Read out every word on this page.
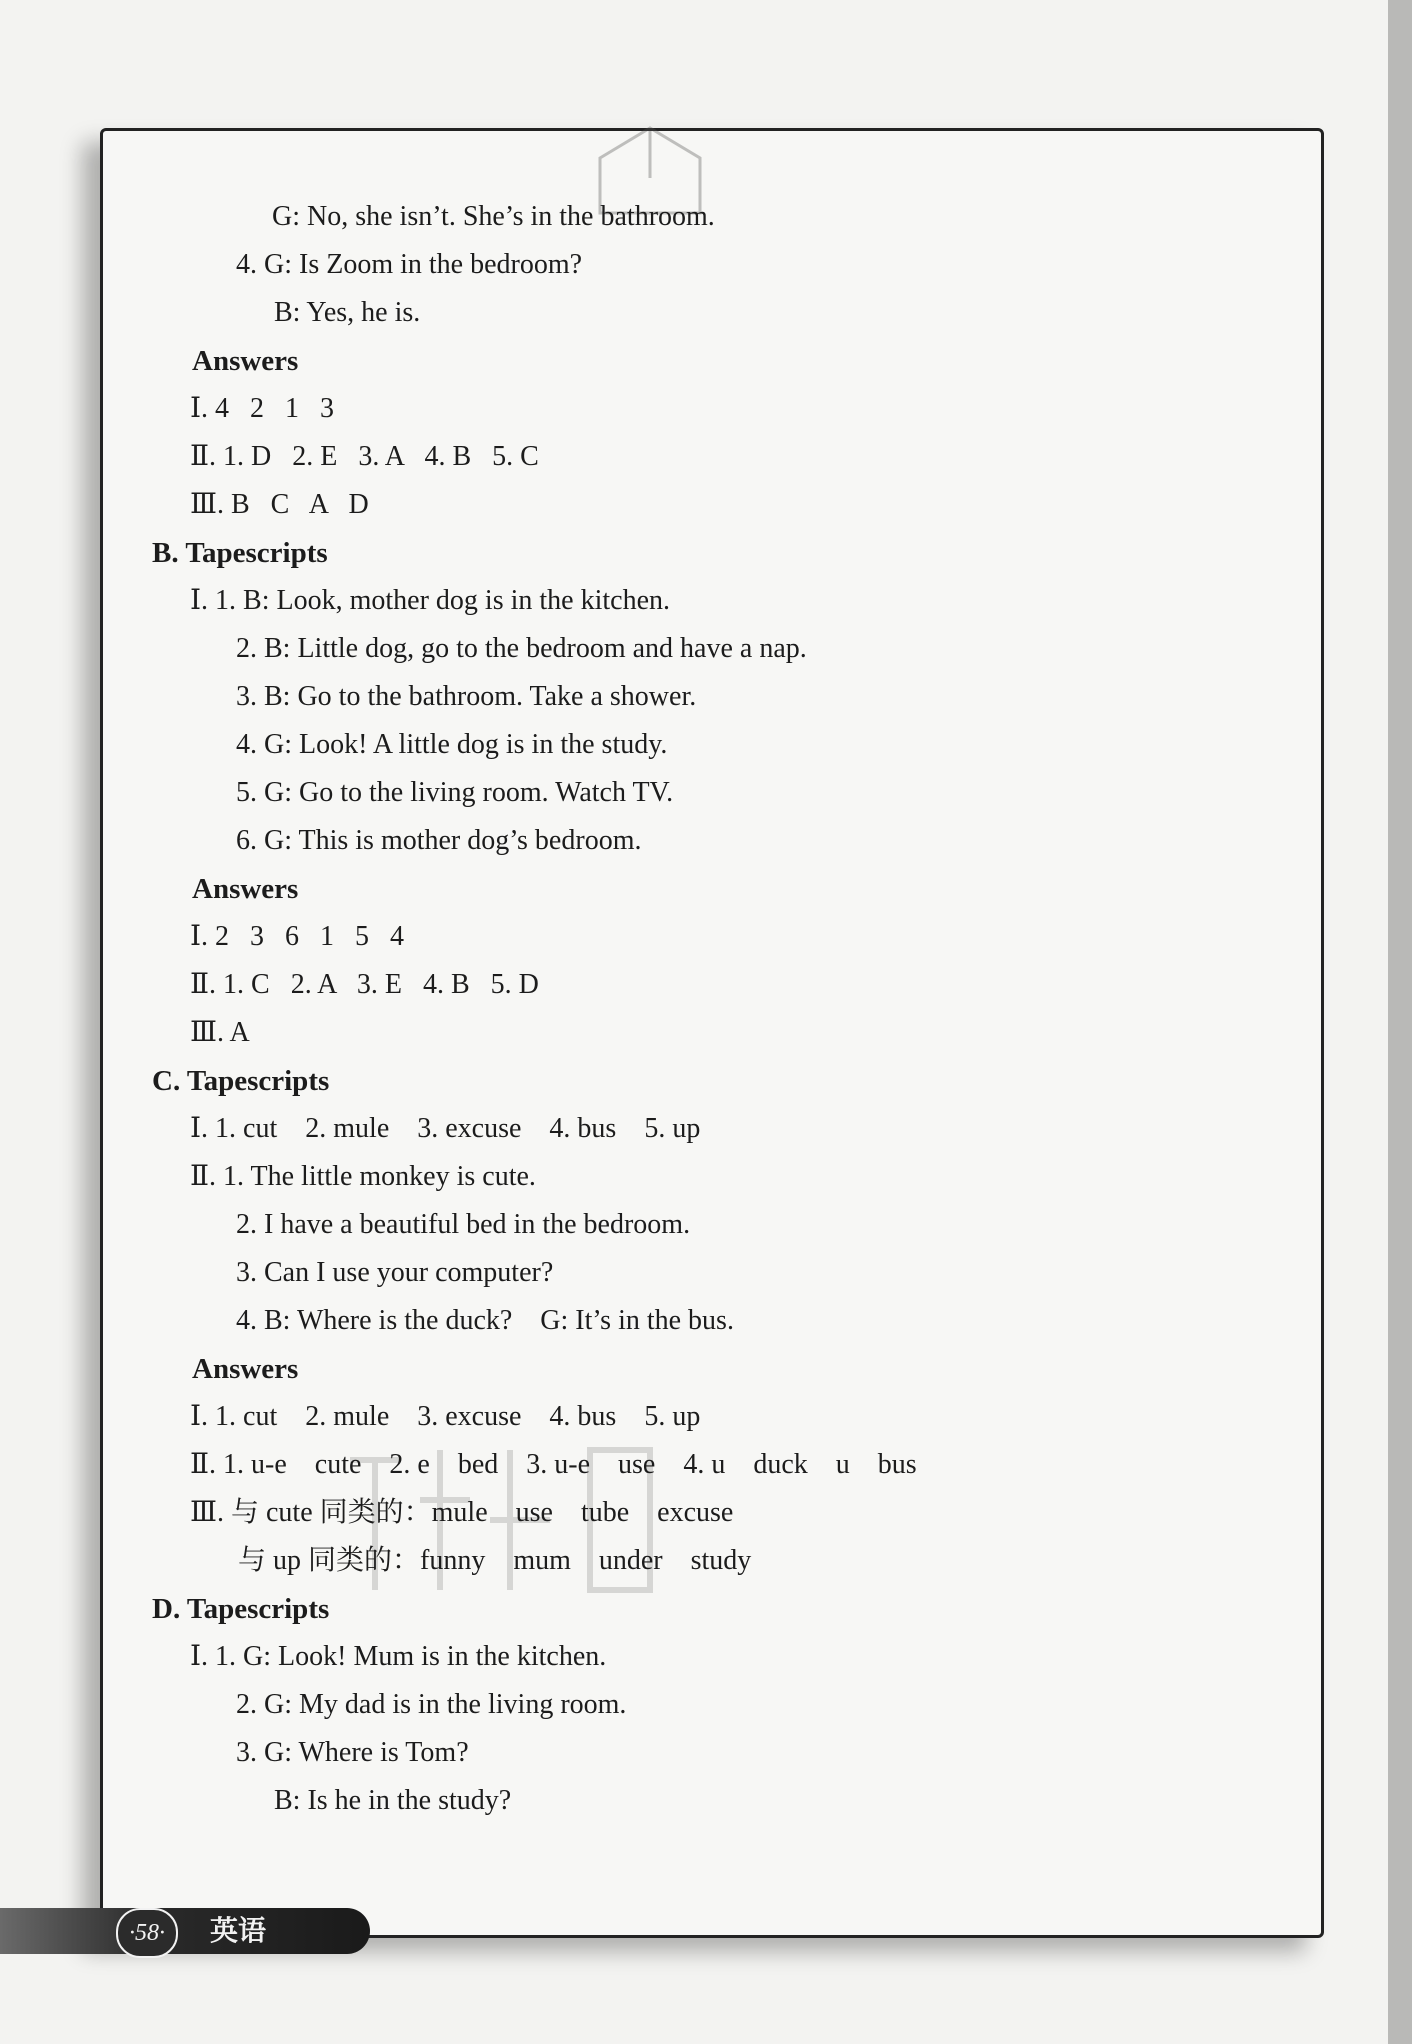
G: No, she isn’t. She’s in the bathroom.
4. G: Is Zoom in the bedroom?
B: Yes, he is.
Answers
Ⅰ. 4   2   1   3
Ⅱ. 1. D   2. E   3. A   4. B   5. C
Ⅲ. B   C   A   D
B. Tapescripts
Ⅰ. 1. B: Look, mother dog is in the kitchen.
2. B: Little dog, go to the bedroom and have a nap.
3. B: Go to the bathroom. Take a shower.
4. G: Look! A little dog is in the study.
5. G: Go to the living room. Watch TV.
6. G: This is mother dog’s bedroom.
Answers
Ⅰ. 2   3   6   1   5   4
Ⅱ. 1. C   2. A   3. E   4. B   5. D
Ⅲ. A
C. Tapescripts
Ⅰ. 1. cut    2. mule    3. excuse    4. bus    5. up
Ⅱ. 1. The little monkey is cute.
2. I have a beautiful bed in the bedroom.
3. Can I use your computer?
4. B: Where is the duck?    G: It’s in the bus.
Answers
Ⅰ. 1. cut    2. mule    3. excuse    4. bus    5. up
Ⅱ. 1. u-e    cute    2. e    bed    3. u-e    use    4. u    duck    u    bus
Ⅲ. 与 cute 同类的：mule    use    tube    excuse
与 up 同类的：funny    mum    under    study
D. Tapescripts
Ⅰ. 1. G: Look! Mum is in the kitchen.
2. G: My dad is in the living room.
3. G: Where is Tom?
B: Is he in the study?
·58·	英语
